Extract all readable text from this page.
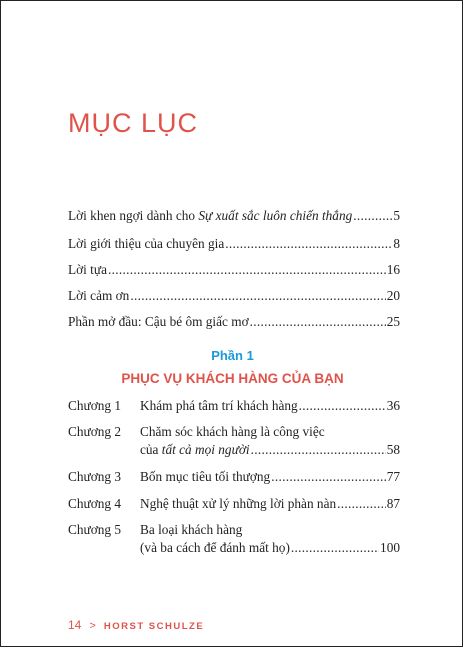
MỤC LỤC
Lời khen ngợi dành cho Sự xuất sắc luôn chiến thắng .....	5
Lời giới thiệu của chuyên gia .....	8
Lời tựa .....	16
Lời cảm ơn .....	20
Phần mở đầu: Cậu bé ôm giấc mơ .....	25
Phần 1
PHỤC VỤ KHÁCH HÀNG CỦA BẠN
Chương 1 Khám phá tâm trí khách hàng .....	36
Chương 2 Chăm sóc khách hàng là công việc
của tất cả mọi người .....	58
Chương 3 Bốn mục tiêu tối thượng .....	77
Chương 4 Nghệ thuật xử lý những lời phàn nàn .....	87
Chương 5 Ba loại khách hàng
(và ba cách để đánh mất họ) .....	100
14 > HORST SCHULZE
